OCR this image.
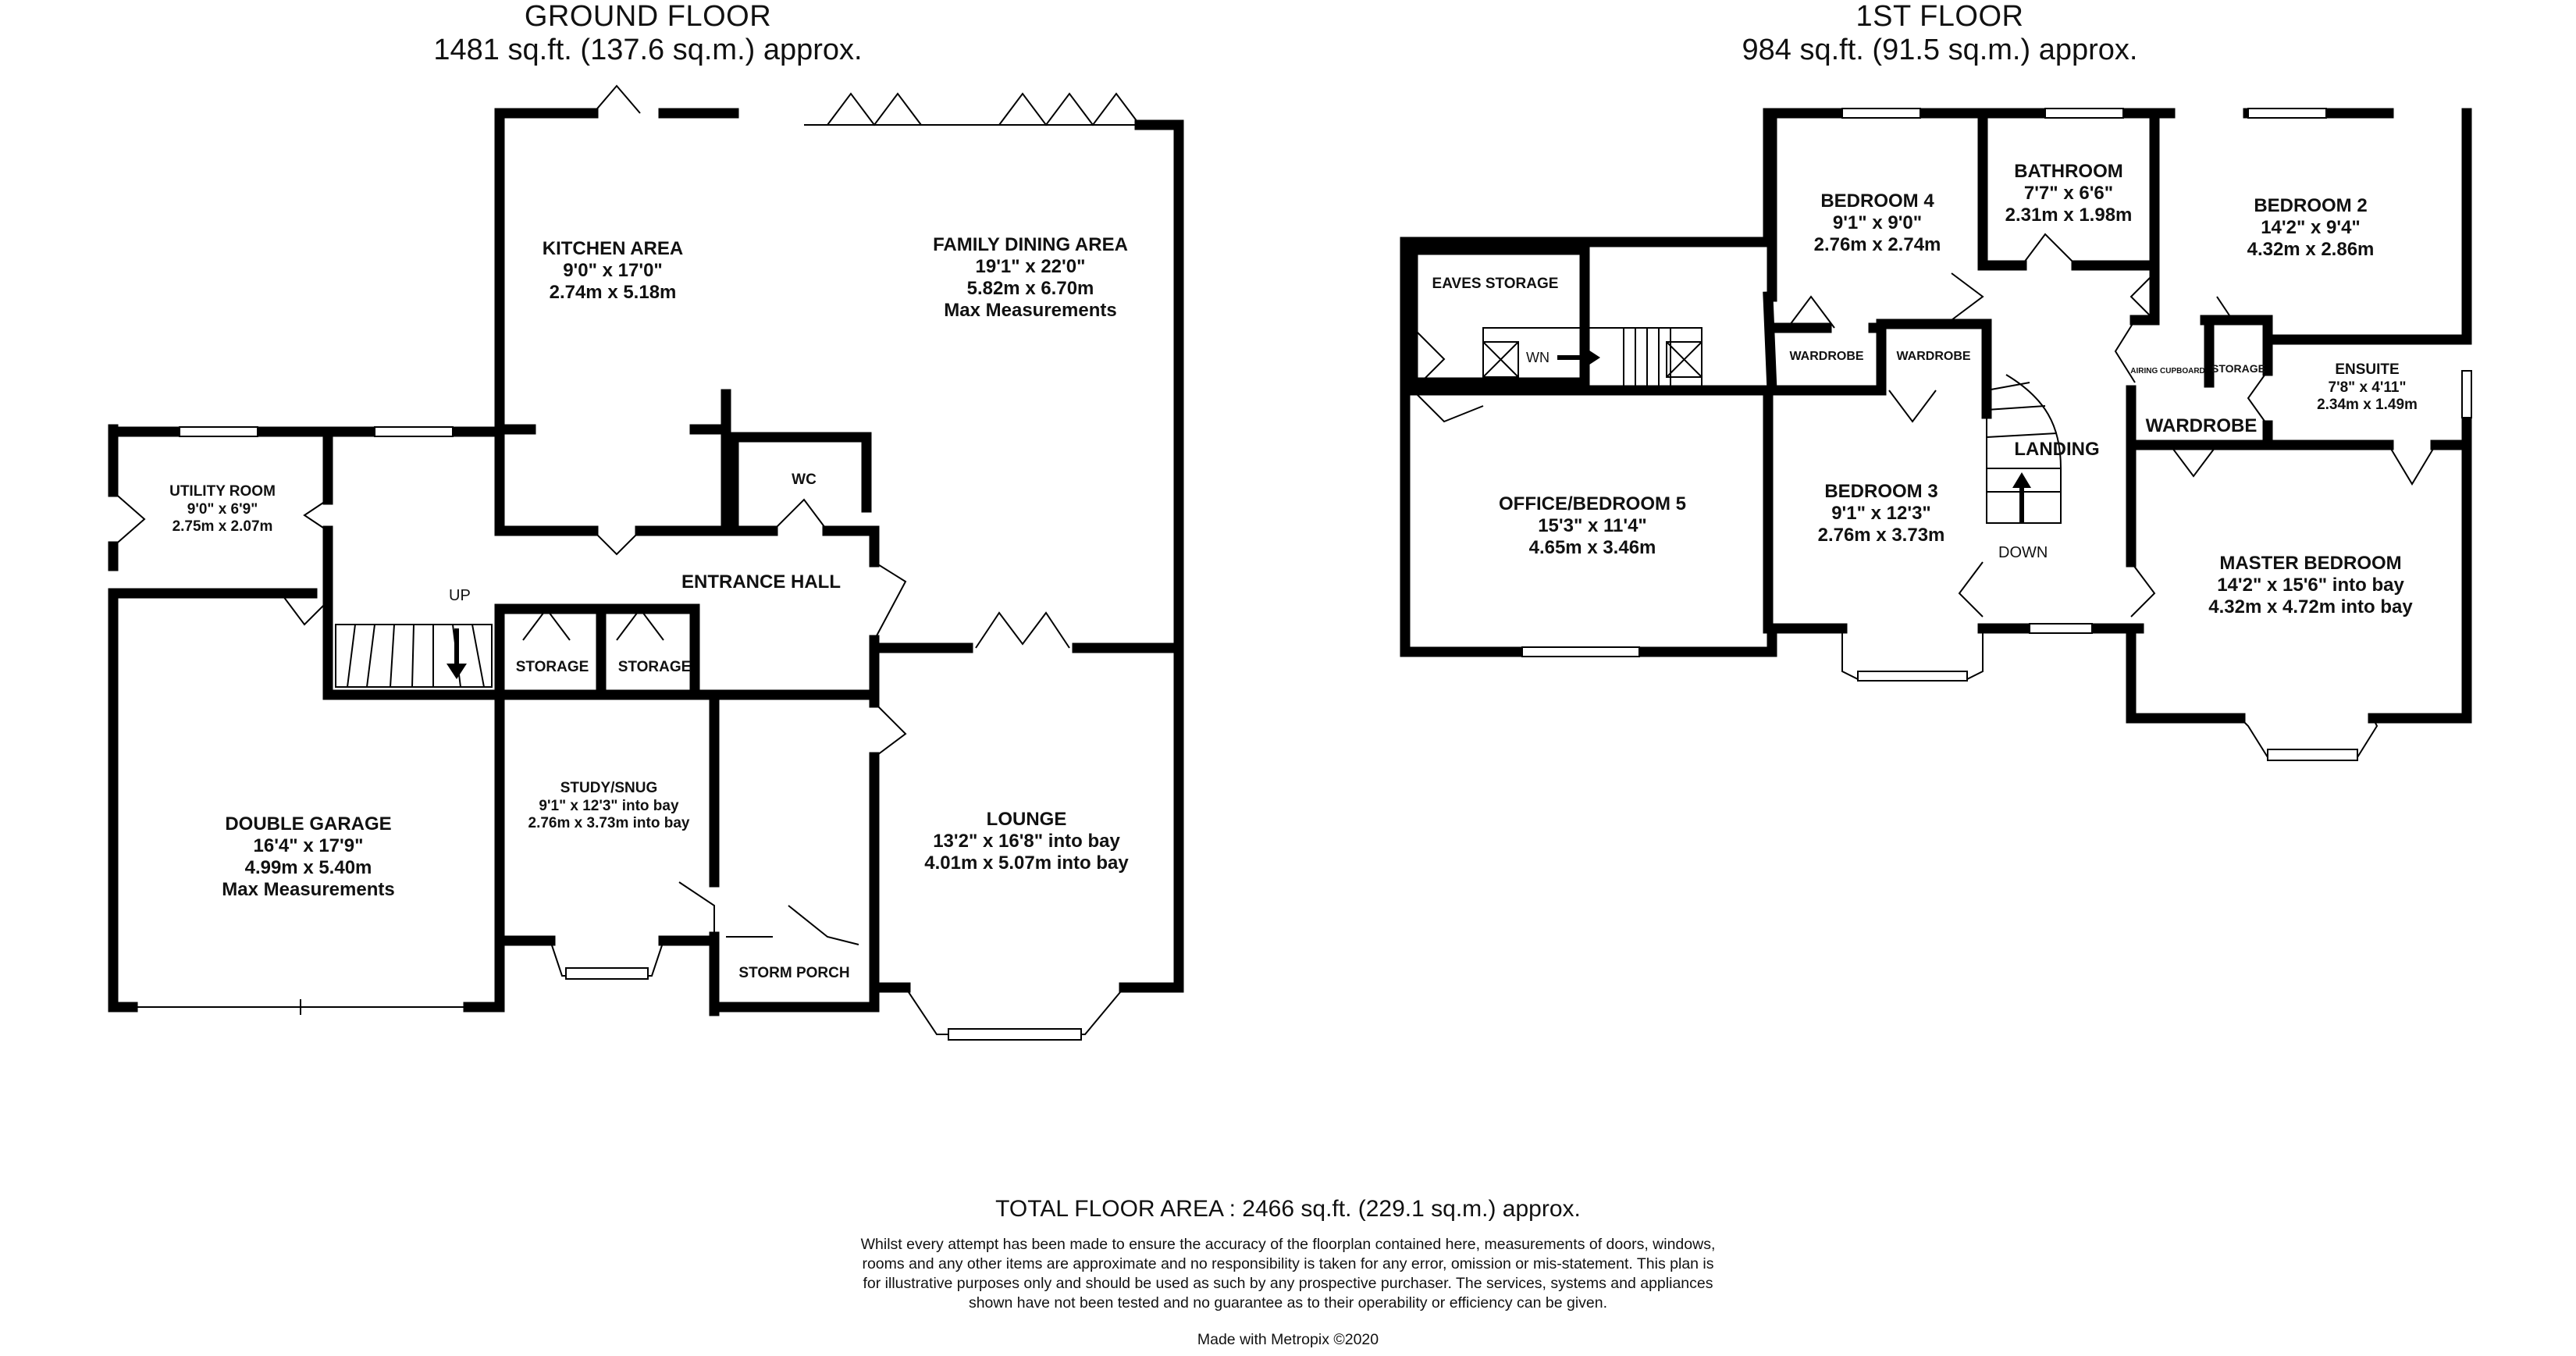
GROUND FLOOR
1481 sq.ft. (137.6 sq.m.) approx.
1ST FLOOR
984 sq.ft. (91.5 sq.m.) approx.
KITCHEN AREA
9'0" x 17'0"
2.74m x 5.18m
FAMILY DINING AREA
19'1" x 22'0"
5.82m x 6.70m
Max Measurements
UTILITY ROOM
9'0" x 6'9"
2.75m x 2.07m
WC
ENTRANCE HALL
STORAGE	STORAGE
STUDY/SNUG
9'1" x 12'3" into bay
2.76m x 3.73m into bay
DOUBLE GARAGE
16'4" x 17'9"
4.99m x 5.40m
Max Measurements
LOUNGE
13'2" x 16'8" into bay
4.01m x 5.07m into bay
STORM PORCH
UP
EAVES STORAGE
BEDROOM 4
9'1" x 9'0"
2.76m x 2.74m
BATHROOM
7'7" x 6'6"
2.31m x 1.98m	BEDROOM 2
14'2" x 9'4"
4.32m x 2.86m
WARDROBE	WARDROBE
AIRING CUPBOARD STORAGE	ENSUITE
7'8" x 4'11"
2.34m x 1.49m
WARDROBE
LANDING
OFFICE/BEDROOM 5
15'3" x 11'4"
4.65m x 3.46m
BEDROOM 3
9'1" x 12'3"
2.76m x 3.73m
MASTER BEDROOM
14'2" x 15'6" into bay
4.32m x 4.72m into bay
DOWN
WN
TOTAL FLOOR AREA : 2466 sq.ft. (229.1 sq.m.) approx.
Whilst every attempt has been made to ensure the accuracy of the floorplan contained here, measurements of doors, windows, rooms and any other items are approximate and no responsibility is taken for any error, omission or mis-statement. This plan is for illustrative purposes only and should be used as such by any prospective purchaser. The services, systems and appliances shown have not been tested and no guarantee as to their operability or efficiency can be given.
Made with Metropix ©2020
